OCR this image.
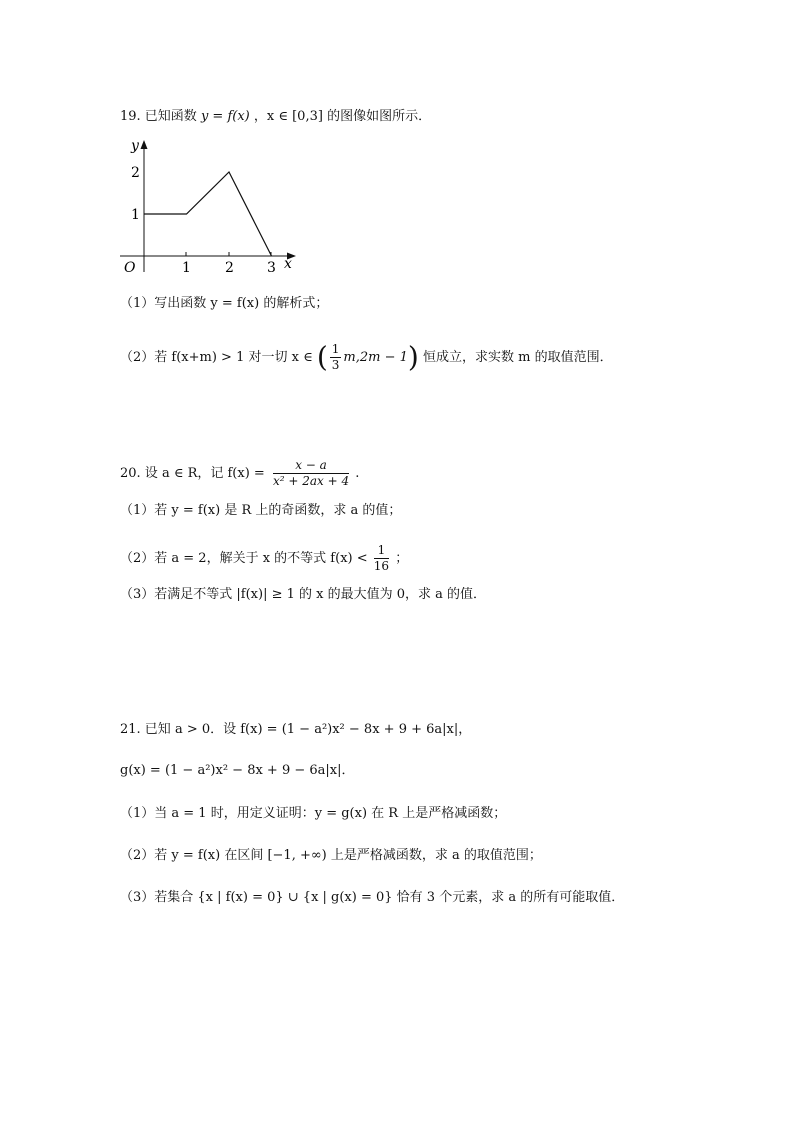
19. 已知函数 y = f(x) ，x ∈ [0,3] 的图像如图所示．
y
x
O	1 2 3
1
2
（1）写出函数 y = f(x) 的解析式；
（2）若 f(x+m) > 1 对一切 x ∈ ( $\frac{1}{3} m,2m - 1$) 恒成立，求实数 m 的取值范围．
20. 设 a ∈ R，记 $f(x) = \frac{x - a}{\text{x² + 2ax + 4}}$ .
（1）若 y = f(x) 是 R 上的奇函数，求 a 的值；
（2）若 a = 2，解关于 x 的不等式 $f(x) < \frac{1}{16}$ ；
（3）若满足不等式 |f(x)| ≥ 1 的 x 的最大值为 0，求 a 的值．
21. 已知 a > 0．设 f(x) = (1 − a²)x² − 8x + 9 + 6a|x|，
g(x) = (1 − a²)x² − 8x + 9 − 6a|x|．
（1）当 a = 1 时，用定义证明：y = g(x) 在 R 上是严格减函数；
（2）若 y = f(x) 在区间 [−1, +∞) 上是严格减函数，求 a 的取值范围；
（3）若集合 {x | f(x) = 0} ∪ {x | g(x) = 0} 恰有 3 个元素，求 a 的所有可能取值．
